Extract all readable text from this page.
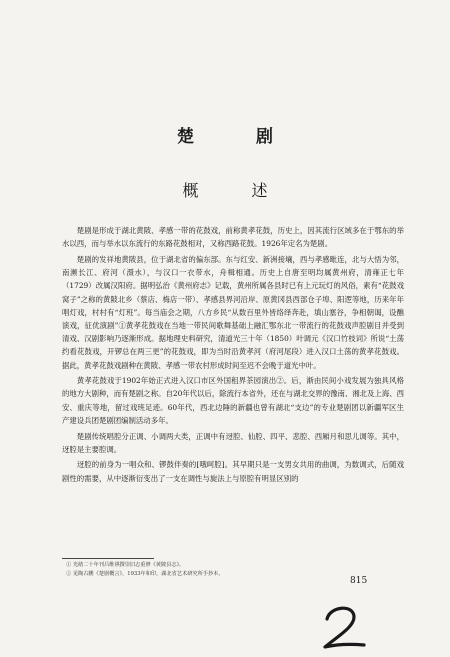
楚 剧
概 述

楚剧是形成于湖北黄陂、孝感一带的花鼓戏，前称黄孝花鼓，历史上，因其流行区域多在于鄂东的举水以西，而与举水以东流行的东路花鼓相对，又称西路花鼓。1926年定名为楚剧。

楚剧的发祥地黄陂县，位于湖北省的偏东部。东与红安、新洲接壤，西与孝感毗连，北与大悟为邻，南濒长江、府河（滠水），与汉口一衣带水，舟楫相通。历史上自唐至明均属黄州府，清雍正七年（1729）改属汉阳府。据明弘治《黄州府志》记载，黄州所属各县时已有上元玩灯的风俗，素有“花鼓戏窝子”之称的黄陂北乡（蔡店、梅店一带）、孝感县界河沿岸、原黄冈县西部仓子埠、阳逻等地，历来年年唱灯戏，村村有“灯班”。每当庙会之期，八方乡民“从数百里外皆络绎奔赴，填山塞谷，争相朝谒，设醮演戏，征优演剧”①黄孝花鼓戏在当地一带民间歌舞基础上融汇鄂东北一带流行的花鼓戏声腔剧目并受到清戏、汉剧影响乃逐渐形成。据地理史料研究，清道光三十年（1850）叶调元《汉口竹枝词》所说“土荡约看花鼓戏，开锣总在两三更”的花鼓戏，即为当时沿黄孝河（府河尾段）进入汉口土荡的黄孝花鼓戏。据此，黄孝花鼓戏剧种在黄陂、孝感一带农村形成时间至迟不会晚于道光中叶。

黄孝花鼓戏于1902年始正式进入汉口市区外国租界茶园演出②。后，渐由民间小戏发展为独具风格的地方大剧种，而有楚剧之称。自20年代以后，除流行本省外，还在与湖北交界的豫南、湘北及上海、西安、重庆等地，留过戏班足迹。60年代，西北边陲的新疆也曾有湖北“支边”的专业楚剧团以新疆军区生产建设兵团楚剧团编制活动多年。

楚剧传统唱腔分正调、小调两大类，正调中有迓腔、仙腔、四平、悲腔、西厢月和思儿调等。其中，迓腔是主要腔调。

迓腔的前身为一唱众和、锣鼓伴奏的[哦呵腔]。其早期只是一支男女共用的曲调，为数调式，后随戏剧性的需要，从中逐渐衍变出了一支在调性与旋法上与原腔有明显区别的

① 光绪二十年刊吕维祺撰崇旧志重修《黄陂县志》。
② 见陶古鹏《楚剧概言》，1933年和印，湖北省艺术研究所手抄本。
815
